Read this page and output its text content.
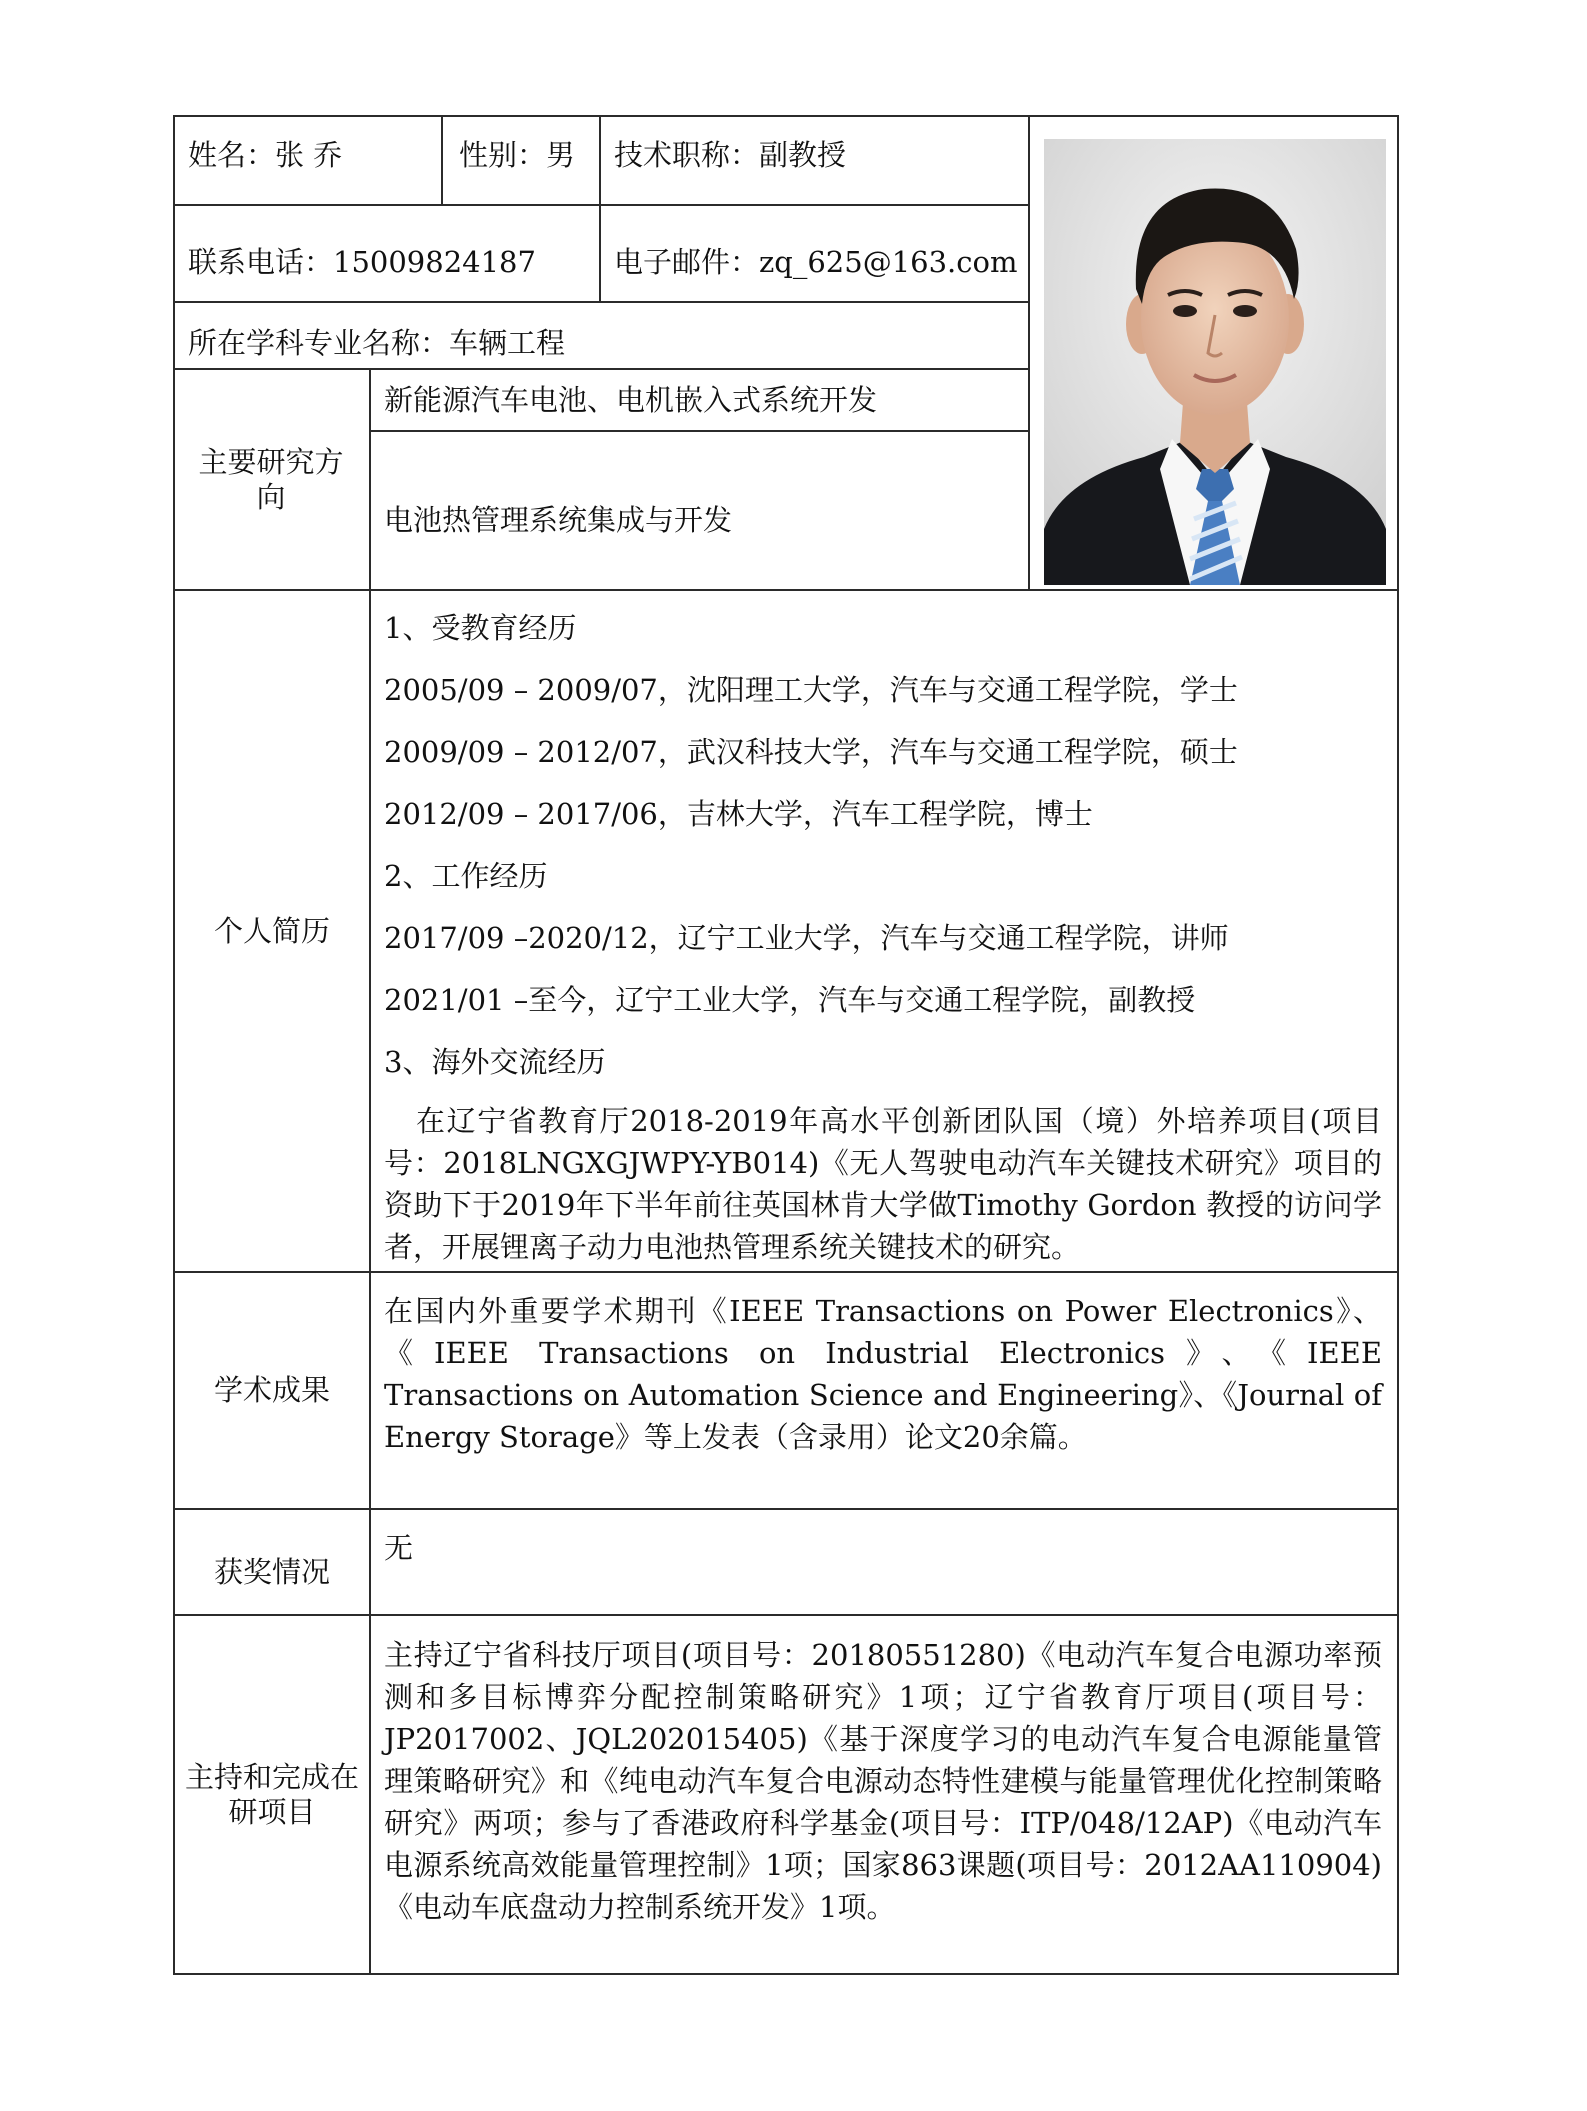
姓名：张 乔	性别：男 技术职称：副教授
联系电话：15009824187	电子邮件：zq_625@163.com
所在学科专业名称：车辆工程
主要研究方向
新能源汽车电池、电机嵌入式系统开发
电池热管理系统集成与开发
个人简历
1、受教育经历
2005/09 – 2009/07，沈阳理工大学，汽车与交通工程学院，学士
2009/09 – 2012/07，武汉科技大学，汽车与交通工程学院，硕士
2012/09 – 2017/06，吉林大学，汽车工程学院，博士
2、工作经历
2017/09 –2020/12，辽宁工业大学，汽车与交通工程学院，讲师
2021/01 –至今，辽宁工业大学，汽车与交通工程学院，副教授
3、海外交流经历
在辽宁省教育厅2018-2019年高水平创新团队国（境）外培养项目(项目号：2018LNGXGJWPY-YB014)《无人驾驶电动汽车关键技术研究》项目的资助下于2019年下半年前往英国林肯大学做Timothy Gordon 教授的访问学者，开展锂离子动力电池热管理系统关键技术的研究。
学术成果
在国内外重要学术期刊《IEEE Transactions on Power Electronics》、《IEEE Transactions on Industrial Electronics》、《IEEE Transactions on Automation Science and Engineering》、《Journal of Energy Storage》等上发表（含录用）论文20余篇。
获奖情况
无
主持和完成在研项目
主持辽宁省科技厅项目(项目号：20180551280)《电动汽车复合电源功率预测和多目标博弈分配控制策略研究》1项；辽宁省教育厅项目(项目号：JP2017002、JQL202015405)《基于深度学习的电动汽车复合电源能量管理策略研究》和《纯电动汽车复合电源动态特性建模与能量管理优化控制策略研究》两项；参与了香港政府科学基金(项目号：ITP/048/12AP)《电动汽车电源系统高效能量管理控制》1项；国家863课题(项目号：2012AA110904)《电动车底盘动力控制系统开发》1项。
